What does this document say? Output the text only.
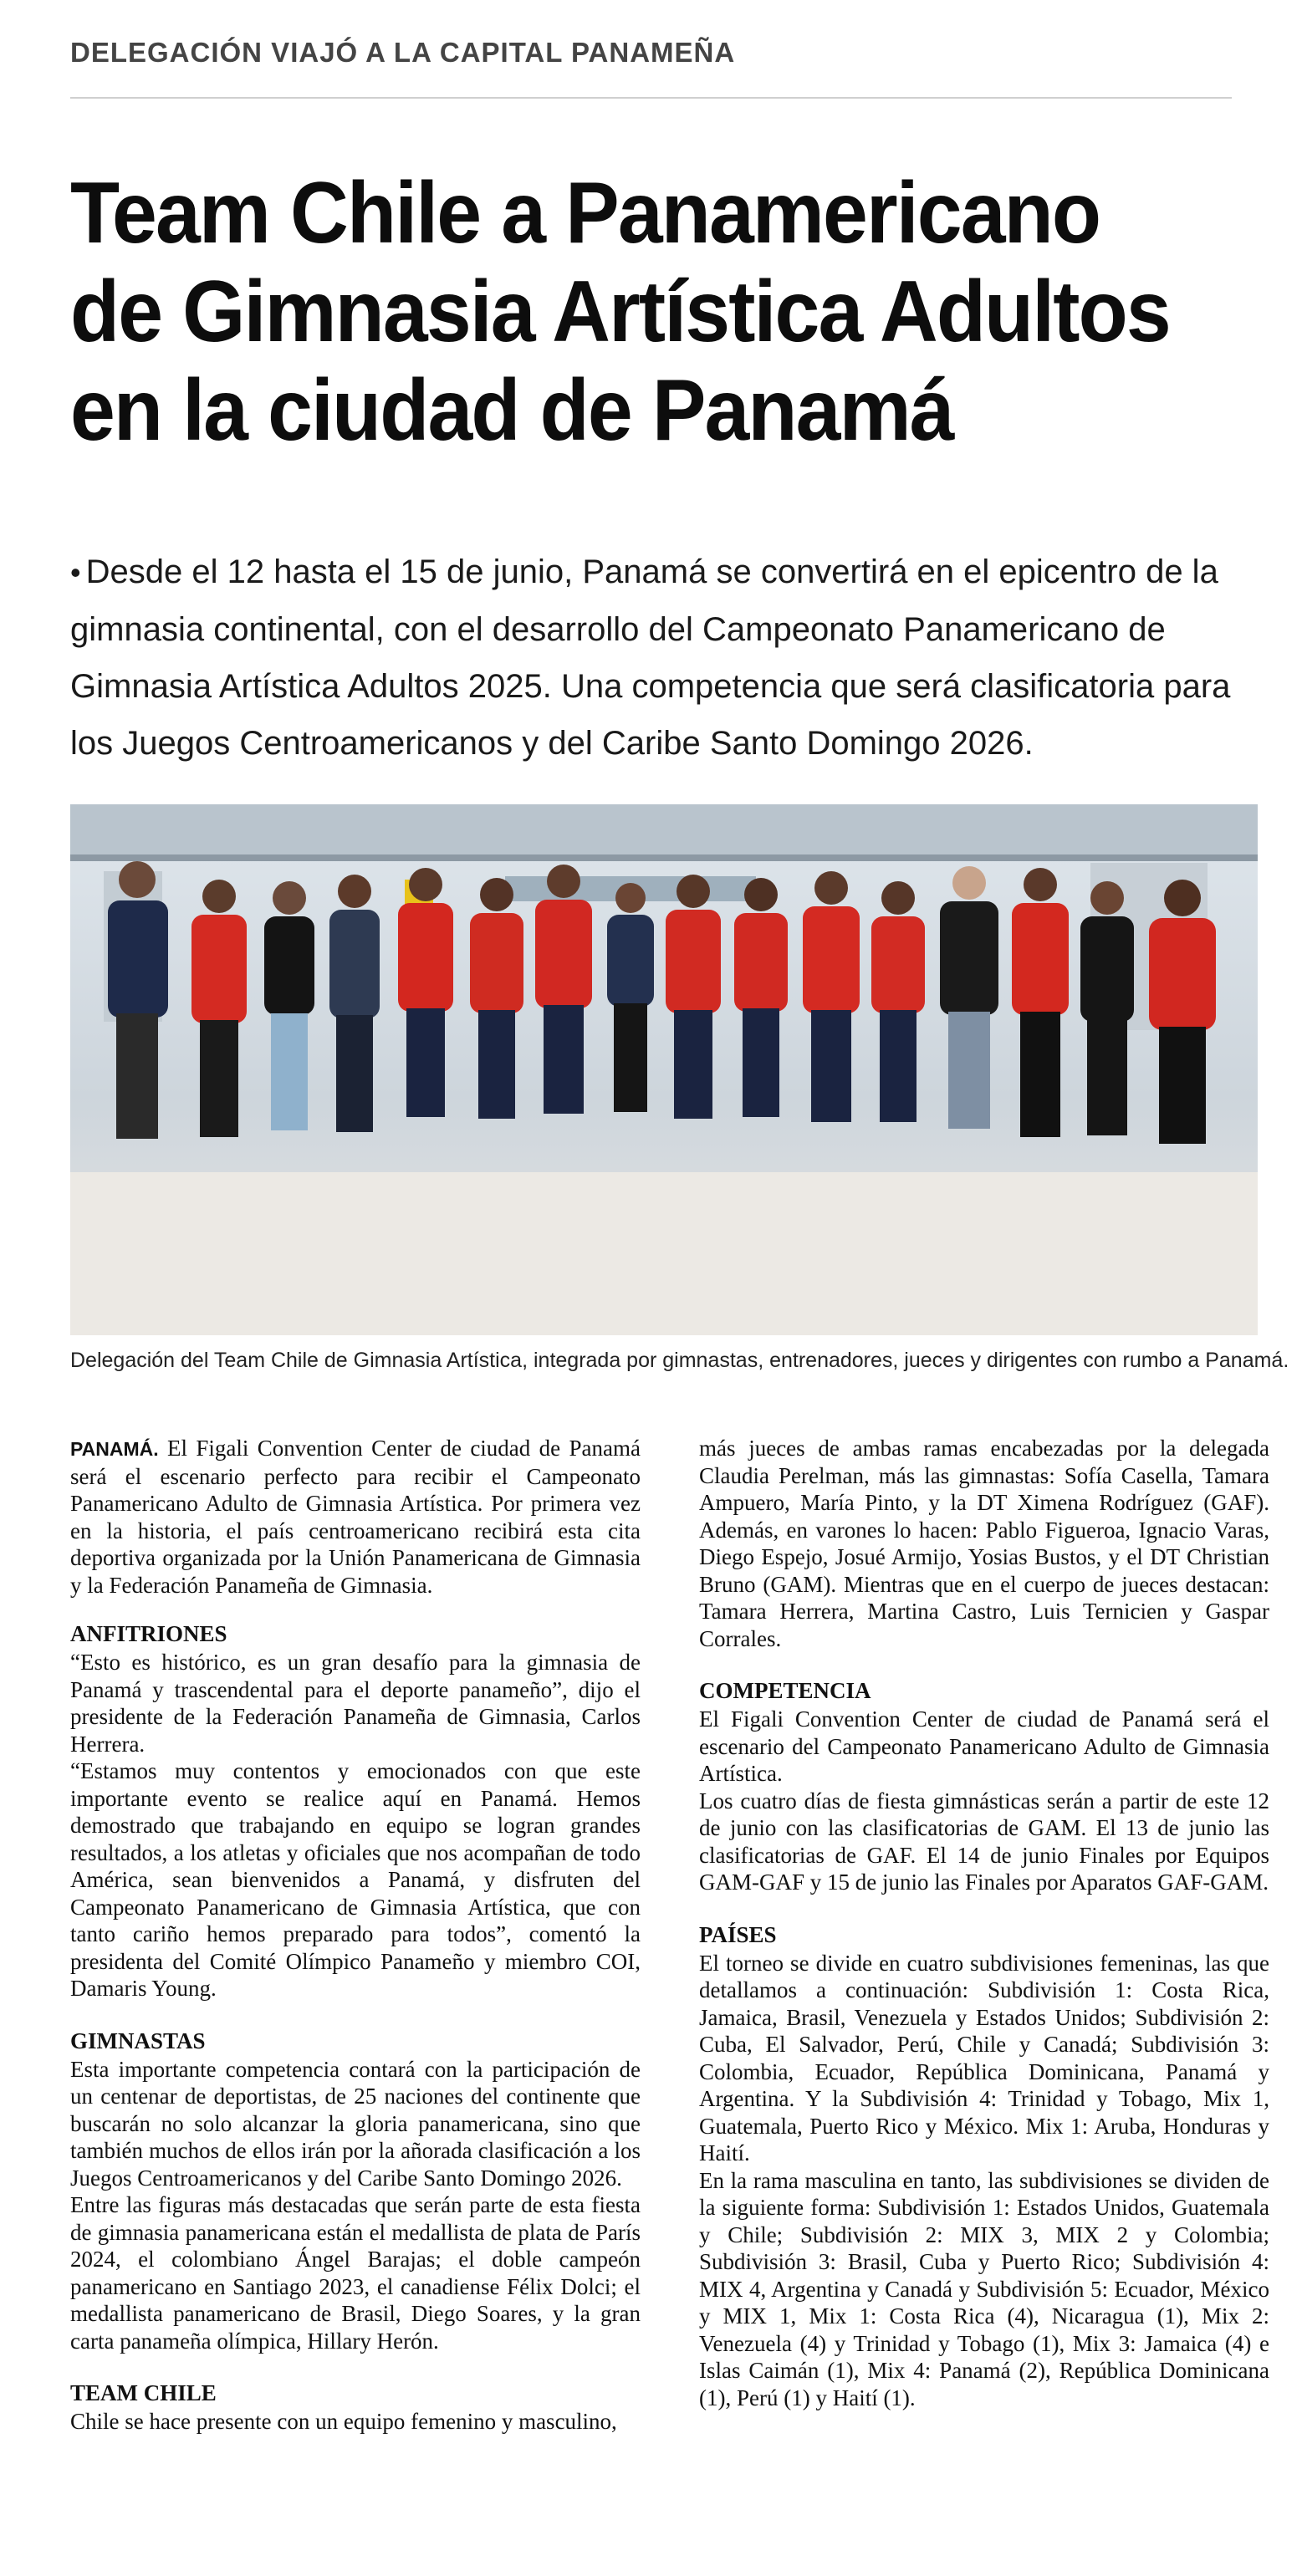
DELEGACIÓN VIAJÓ A LA CAPITAL PANAMEÑA
Team Chile a Panamericano de Gimnasia Artística Adultos en la ciudad de Panamá

• Desde el 12 hasta el 15 de junio, Panamá se convertirá en el epicentro de la gimnasia continental, con el desarrollo del Campeonato Panamericano de Gimnasia Artística Adultos 2025. Una competencia que será clasificatoria para los Juegos Centroamericanos y del Caribe Santo Domingo 2026.

Delegación del Team Chile de Gimnasia Artística, integrada por gimnastas, entrenadores, jueces y dirigentes con rumbo a Panamá.

PANAMÁ. El Figali Convention Center de ciudad de Panamá será el escenario perfecto para recibir el Campeonato Panamericano Adulto de Gimnasia Artística. Por primera vez en la historia, el país centroamericano recibirá esta cita deportiva organizada por la Unión Panamericana de Gimnasia y la Federación Panameña de Gimnasia.

ANFITRIONES

“Esto es histórico, es un gran desafío para la gimnasia de Panamá y trascendental para el deporte panameño”, dijo el presidente de la Federación Panameña de Gimnasia, Carlos Herrera.

“Estamos muy contentos y emocionados con que este importante evento se realice aquí en Panamá. Hemos demostrado que trabajando en equipo se logran grandes resultados, a los atletas y oficiales que nos acompañan de todo América, sean bienvenidos a Panamá, y disfruten del Campeonato Panamericano de Gimnasia Artística, que con tanto cariño hemos preparado para todos”, comentó la presidenta del Comité Olímpico Panameño y miembro COI, Damaris Young.

GIMNASTAS

Esta importante competencia contará con la participación de un centenar de deportistas, de 25 naciones del continente que buscarán no solo alcanzar la gloria panamericana, sino que también muchos de ellos irán por la añorada clasificación a los Juegos Centroamericanos y del Caribe Santo Domingo 2026.

Entre las figuras más destacadas que serán parte de esta fiesta de gimnasia panamericana están el medallista de plata de París 2024, el colombiano Ángel Barajas; el doble campeón panamericano en Santiago 2023, el canadiense Félix Dolci; el medallista panamericano de Brasil, Diego Soares, y la gran carta panameña olímpica, Hillary Herón.

TEAM CHILE

Chile se hace presente con un equipo femenino y masculino,

más jueces de ambas ramas encabezadas por la delegada Claudia Perelman, más las gimnastas: Sofía Casella, Tamara Ampuero, María Pinto, y la DT Ximena Rodríguez (GAF). Además, en varones lo hacen: Pablo Figueroa, Ignacio Varas, Diego Espejo, Josué Armijo, Yosias Bustos, y el DT Christian Bruno (GAM). Mientras que en el cuerpo de jueces destacan: Tamara Herrera, Martina Castro, Luis Ternicien y Gaspar Corrales.

COMPETENCIA

El Figali Convention Center de ciudad de Panamá será el escenario del Campeonato Panamericano Adulto de Gimnasia Artística.

Los cuatro días de fiesta gimnásticas serán a partir de este 12 de junio con las clasificatorias de GAM. El 13 de junio las clasificatorias de GAF. El 14 de junio Finales por Equipos GAM-GAF y 15 de junio las Finales por Aparatos GAF-GAM.

PAÍSES

El torneo se divide en cuatro subdivisiones femeninas, las que detallamos a continuación: Subdivisión 1: Costa Rica, Jamaica, Brasil, Venezuela y Estados Unidos; Subdivisión 2: Cuba, El Salvador, Perú, Chile y Canadá; Subdivisión 3: Colombia, Ecuador, República Dominicana, Panamá y Argentina. Y la Subdivisión 4: Trinidad y Tobago, Mix 1, Guatemala, Puerto Rico y México. Mix 1: Aruba, Honduras y Haití.

En la rama masculina en tanto, las subdivisiones se dividen de la siguiente forma: Subdivisión 1: Estados Unidos, Guatemala y Chile; Subdivisión 2: MIX 3, MIX 2 y Colombia; Subdivisión 3: Brasil, Cuba y Puerto Rico; Subdivisión 4: MIX 4, Argentina y Canadá y Subdivisión 5: Ecuador, México y MIX 1, Mix 1: Costa Rica (4), Nicaragua (1), Mix 2: Venezuela (4) y Trinidad y Tobago (1), Mix 3: Jamaica (4) e Islas Caimán (1), Mix 4: Panamá (2), República Dominicana (1), Perú (1) y Haití (1).
